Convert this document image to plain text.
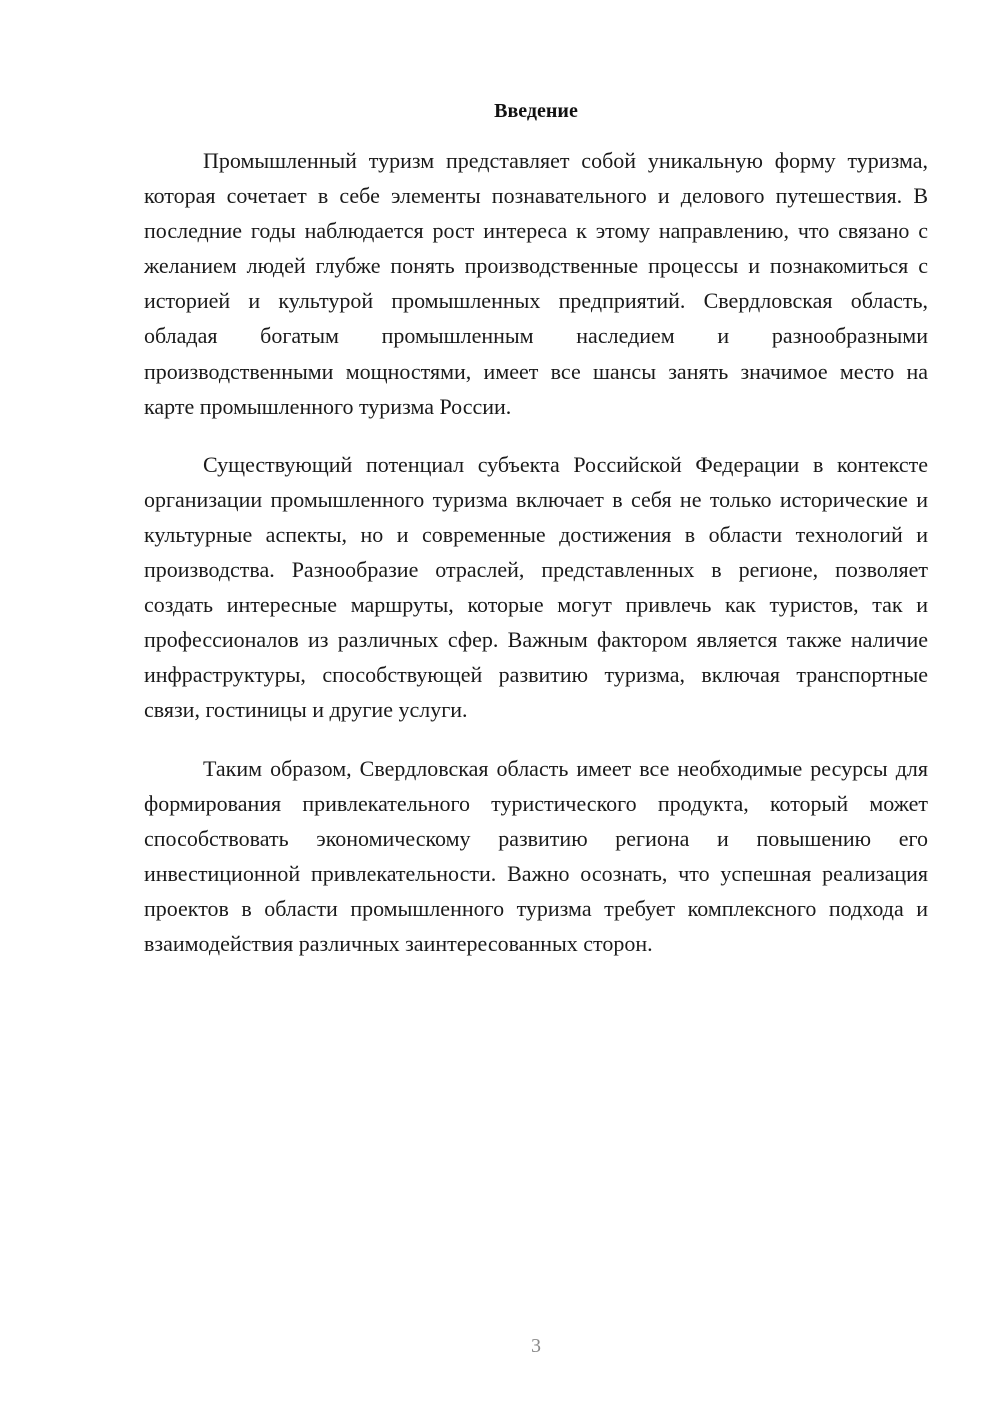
Введение

Промышленный туризм представляет собой уникальную форму туризма, которая сочетает в себе элементы познавательного и делового путешествия. В последние годы наблюдается рост интереса к этому направлению, что связано с желанием людей глубже понять производственные процессы и познакомиться с историей и культурой промышленных предприятий. Свердловская область, обладая богатым промышленным наследием и разнообразными производственными мощностями, имеет все шансы занять значимое место на карте промышленного туризма России.

Существующий потенциал субъекта Российской Федерации в контексте организации промышленного туризма включает в себя не только исторические и культурные аспекты, но и современные достижения в области технологий и производства. Разнообразие отраслей, представленных в регионе, позволяет создать интересные маршруты, которые могут привлечь как туристов, так и профессионалов из различных сфер. Важным фактором является также наличие инфраструктуры, способствующей развитию туризма, включая транспортные связи, гостиницы и другие услуги.

Таким образом, Свердловская область имеет все необходимые ресурсы для формирования привлекательного туристического продукта, который может способствовать экономическому развитию региона и повышению его инвестиционной привлекательности. Важно осознать, что успешная реализация проектов в области промышленного туризма требует комплексного подхода и взаимодействия различных заинтересованных сторон.

3
